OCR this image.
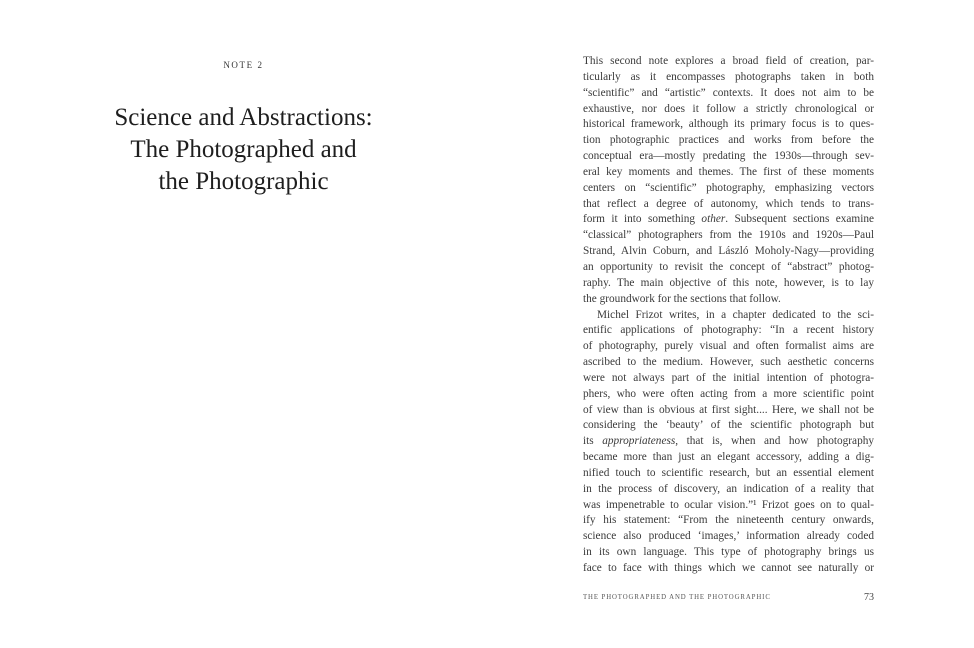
NOTE 2
Science and Abstractions:
The Photographed and
the Photographic
This second note explores a broad field of creation, par-
ticularly as it encompasses photographs taken in both
“scientific” and “artistic” contexts. It does not aim to be
exhaustive, nor does it follow a strictly chronological or
historical framework, although its primary focus is to ques-
tion photographic practices and works from before the
conceptual era—mostly predating the 1930s—through sev-
eral key moments and themes. The first of these moments
centers on “scientific” photography, emphasizing vectors
that reflect a degree of autonomy, which tends to trans-
form it into something other. Subsequent sections examine
“classical” photographers from the 1910s and 1920s—Paul
Strand, Alvin Coburn, and László Moholy-Nagy—providing
an opportunity to revisit the concept of “abstract” photog-
raphy. The main objective of this note, however, is to lay
the groundwork for the sections that follow.
Michel Frizot writes, in a chapter dedicated to the sci-
entific applications of photography: “In a recent history
of photography, purely visual and often formalist aims are
ascribed to the medium. However, such aesthetic concerns
were not always part of the initial intention of photogra-
phers, who were often acting from a more scientific point
of view than is obvious at first sight.... Here, we shall not be
considering the ‘beauty’ of the scientific photograph but
its appropriateness, that is, when and how photography
became more than just an elegant accessory, adding a dig-
nified touch to scientific research, but an essential element
in the process of discovery, an indication of a reality that
was impenetrable to ocular vision.”¹ Frizot goes on to qual-
ify his statement: “From the nineteenth century onwards,
science also produced ‘images,’ information already coded
in its own language. This type of photography brings us
face to face with things which we cannot see naturally or
THE PHOTOGRAPHED AND THE PHOTOGRAPHIC	73
